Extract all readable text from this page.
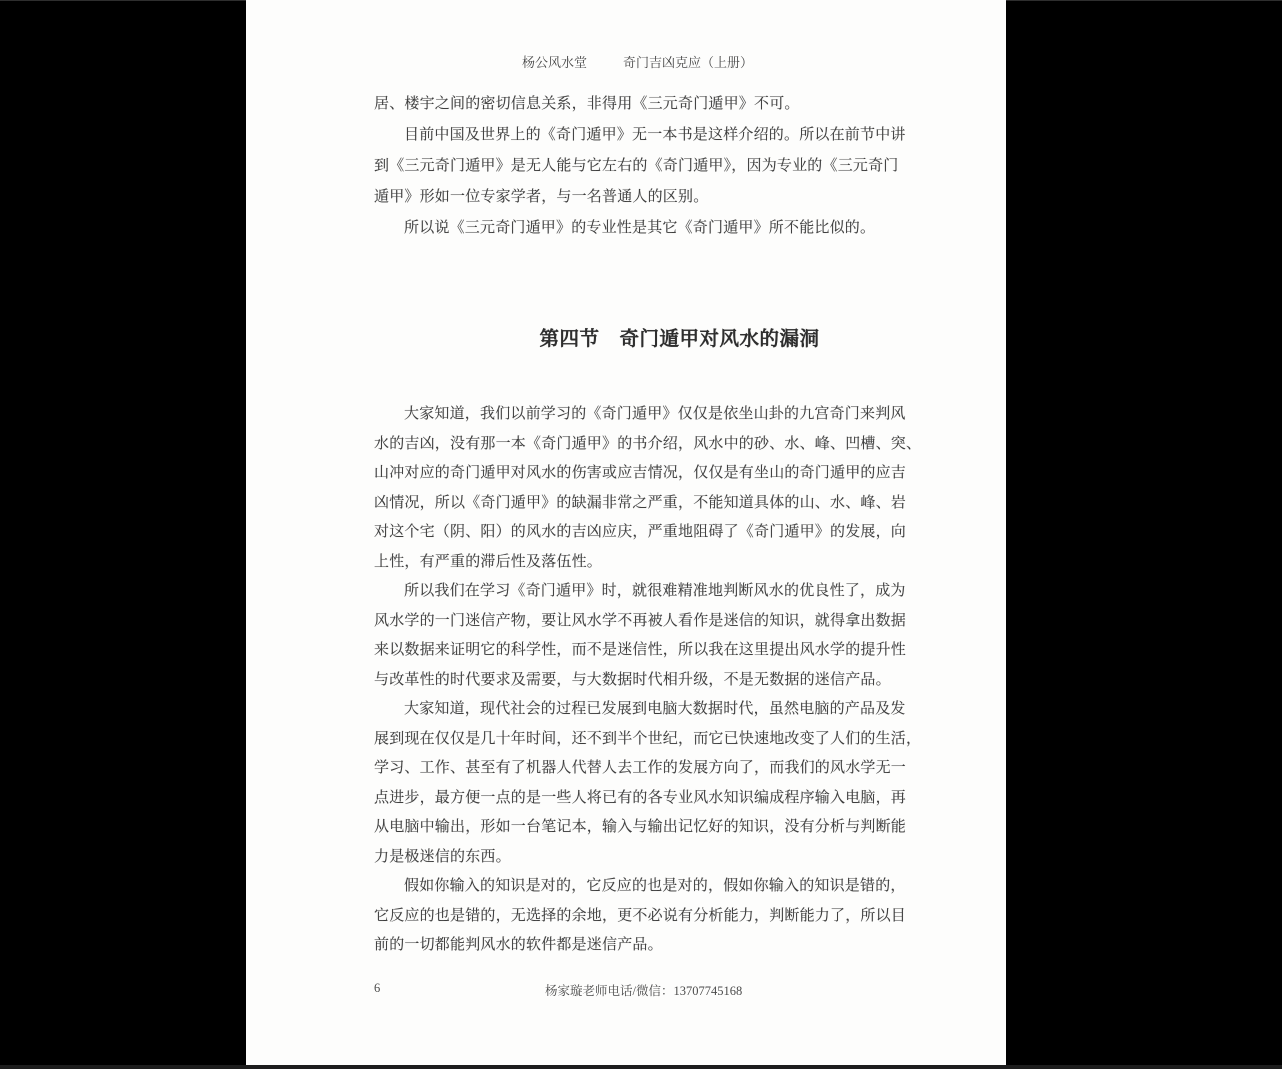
杨公风水堂	奇门吉凶克应（上册）
居、楼宇之间的密切信息关系，非得用《三元奇门遁甲》不可。
目前中国及世界上的《奇门遁甲》无一本书是这样介绍的。所以在前节中讲
到《三元奇门遁甲》是无人能与它左右的《奇门遁甲》，因为专业的《三元奇门
遁甲》形如一位专家学者，与一名普通人的区别。
所以说《三元奇门遁甲》的专业性是其它《奇门遁甲》所不能比似的。
第四节　奇门遁甲对风水的漏洞
大家知道，我们以前学习的《奇门遁甲》仅仅是依坐山卦的九宫奇门来判风
水的吉凶，没有那一本《奇门遁甲》的书介绍，风水中的砂、水、峰、凹槽、突、
山冲对应的奇门遁甲对风水的伤害或应吉情况，仅仅是有坐山的奇门遁甲的应吉
凶情况，所以《奇门遁甲》的缺漏非常之严重，不能知道具体的山、水、峰、岩
对这个宅（阴、阳）的风水的吉凶应庆，严重地阻碍了《奇门遁甲》的发展，向
上性，有严重的滞后性及落伍性。
所以我们在学习《奇门遁甲》时，就很难精准地判断风水的优良性了，成为
风水学的一门迷信产物，要让风水学不再被人看作是迷信的知识，就得拿出数据
来以数据来证明它的科学性，而不是迷信性，所以我在这里提出风水学的提升性
与改革性的时代要求及需要，与大数据时代相升级，不是无数据的迷信产品。
大家知道，现代社会的过程已发展到电脑大数据时代，虽然电脑的产品及发
展到现在仅仅是几十年时间，还不到半个世纪，而它已快速地改变了人们的生活，
学习、工作、甚至有了机器人代替人去工作的发展方向了，而我们的风水学无一
点进步，最方便一点的是一些人将已有的各专业风水知识编成程序输入电脑，再
从电脑中输出，形如一台笔记本，输入与输出记忆好的知识，没有分析与判断能
力是极迷信的东西。
假如你输入的知识是对的，它反应的也是对的，假如你输入的知识是错的，
它反应的也是错的，无选择的余地，更不必说有分析能力，判断能力了，所以目
前的一切都能判风水的软件都是迷信产品。
6	杨家璇老师电话/微信：13707745168
